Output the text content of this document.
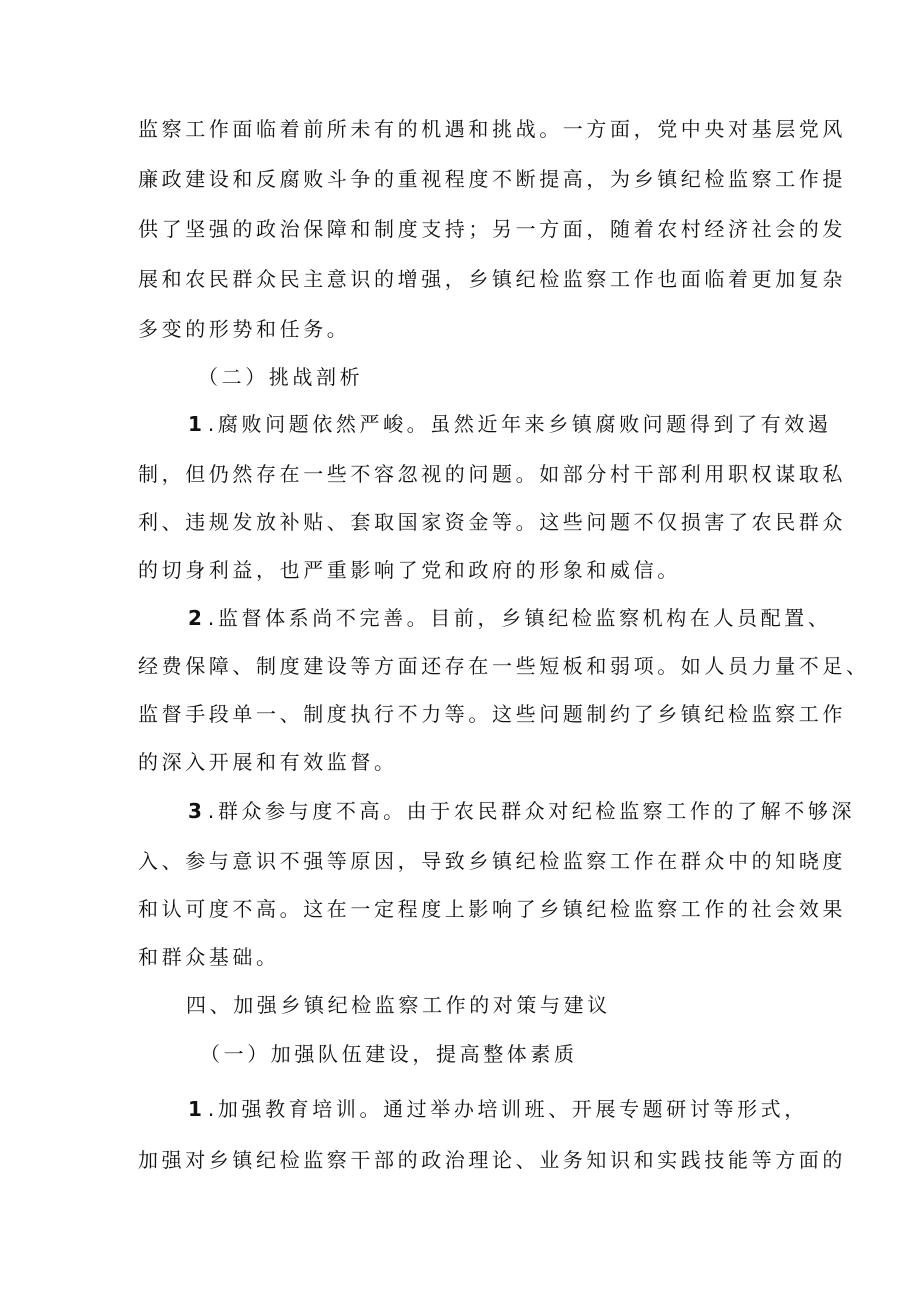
监察工作面临着前所未有的机遇和挑战。一方面，党中央对基层党风
廉政建设和反腐败斗争的重视程度不断提高，为乡镇纪检监察工作提
供了坚强的政治保障和制度支持；另一方面，随着农村经济社会的发
展和农民群众民主意识的增强，乡镇纪检监察工作也面临着更加复杂
多变的形势和任务。
（二）挑战剖析
1.腐败问题依然严峻。虽然近年来乡镇腐败问题得到了有效遏
制，但仍然存在一些不容忽视的问题。如部分村干部利用职权谋取私
利、违规发放补贴、套取国家资金等。这些问题不仅损害了农民群众
的切身利益，也严重影响了党和政府的形象和威信。
2.监督体系尚不完善。目前，乡镇纪检监察机构在人员配置、
经费保障、制度建设等方面还存在一些短板和弱项。如人员力量不足、
监督手段单一、制度执行不力等。这些问题制约了乡镇纪检监察工作
的深入开展和有效监督。
3.群众参与度不高。由于农民群众对纪检监察工作的了解不够深
入、参与意识不强等原因，导致乡镇纪检监察工作在群众中的知晓度
和认可度不高。这在一定程度上影响了乡镇纪检监察工作的社会效果
和群众基础。
四、加强乡镇纪检监察工作的对策与建议
（一）加强队伍建设，提高整体素质
1.加强教育培训。通过举办培训班、开展专题研讨等形式，
加强对乡镇纪检监察干部的政治理论、业务知识和实践技能等方面的
